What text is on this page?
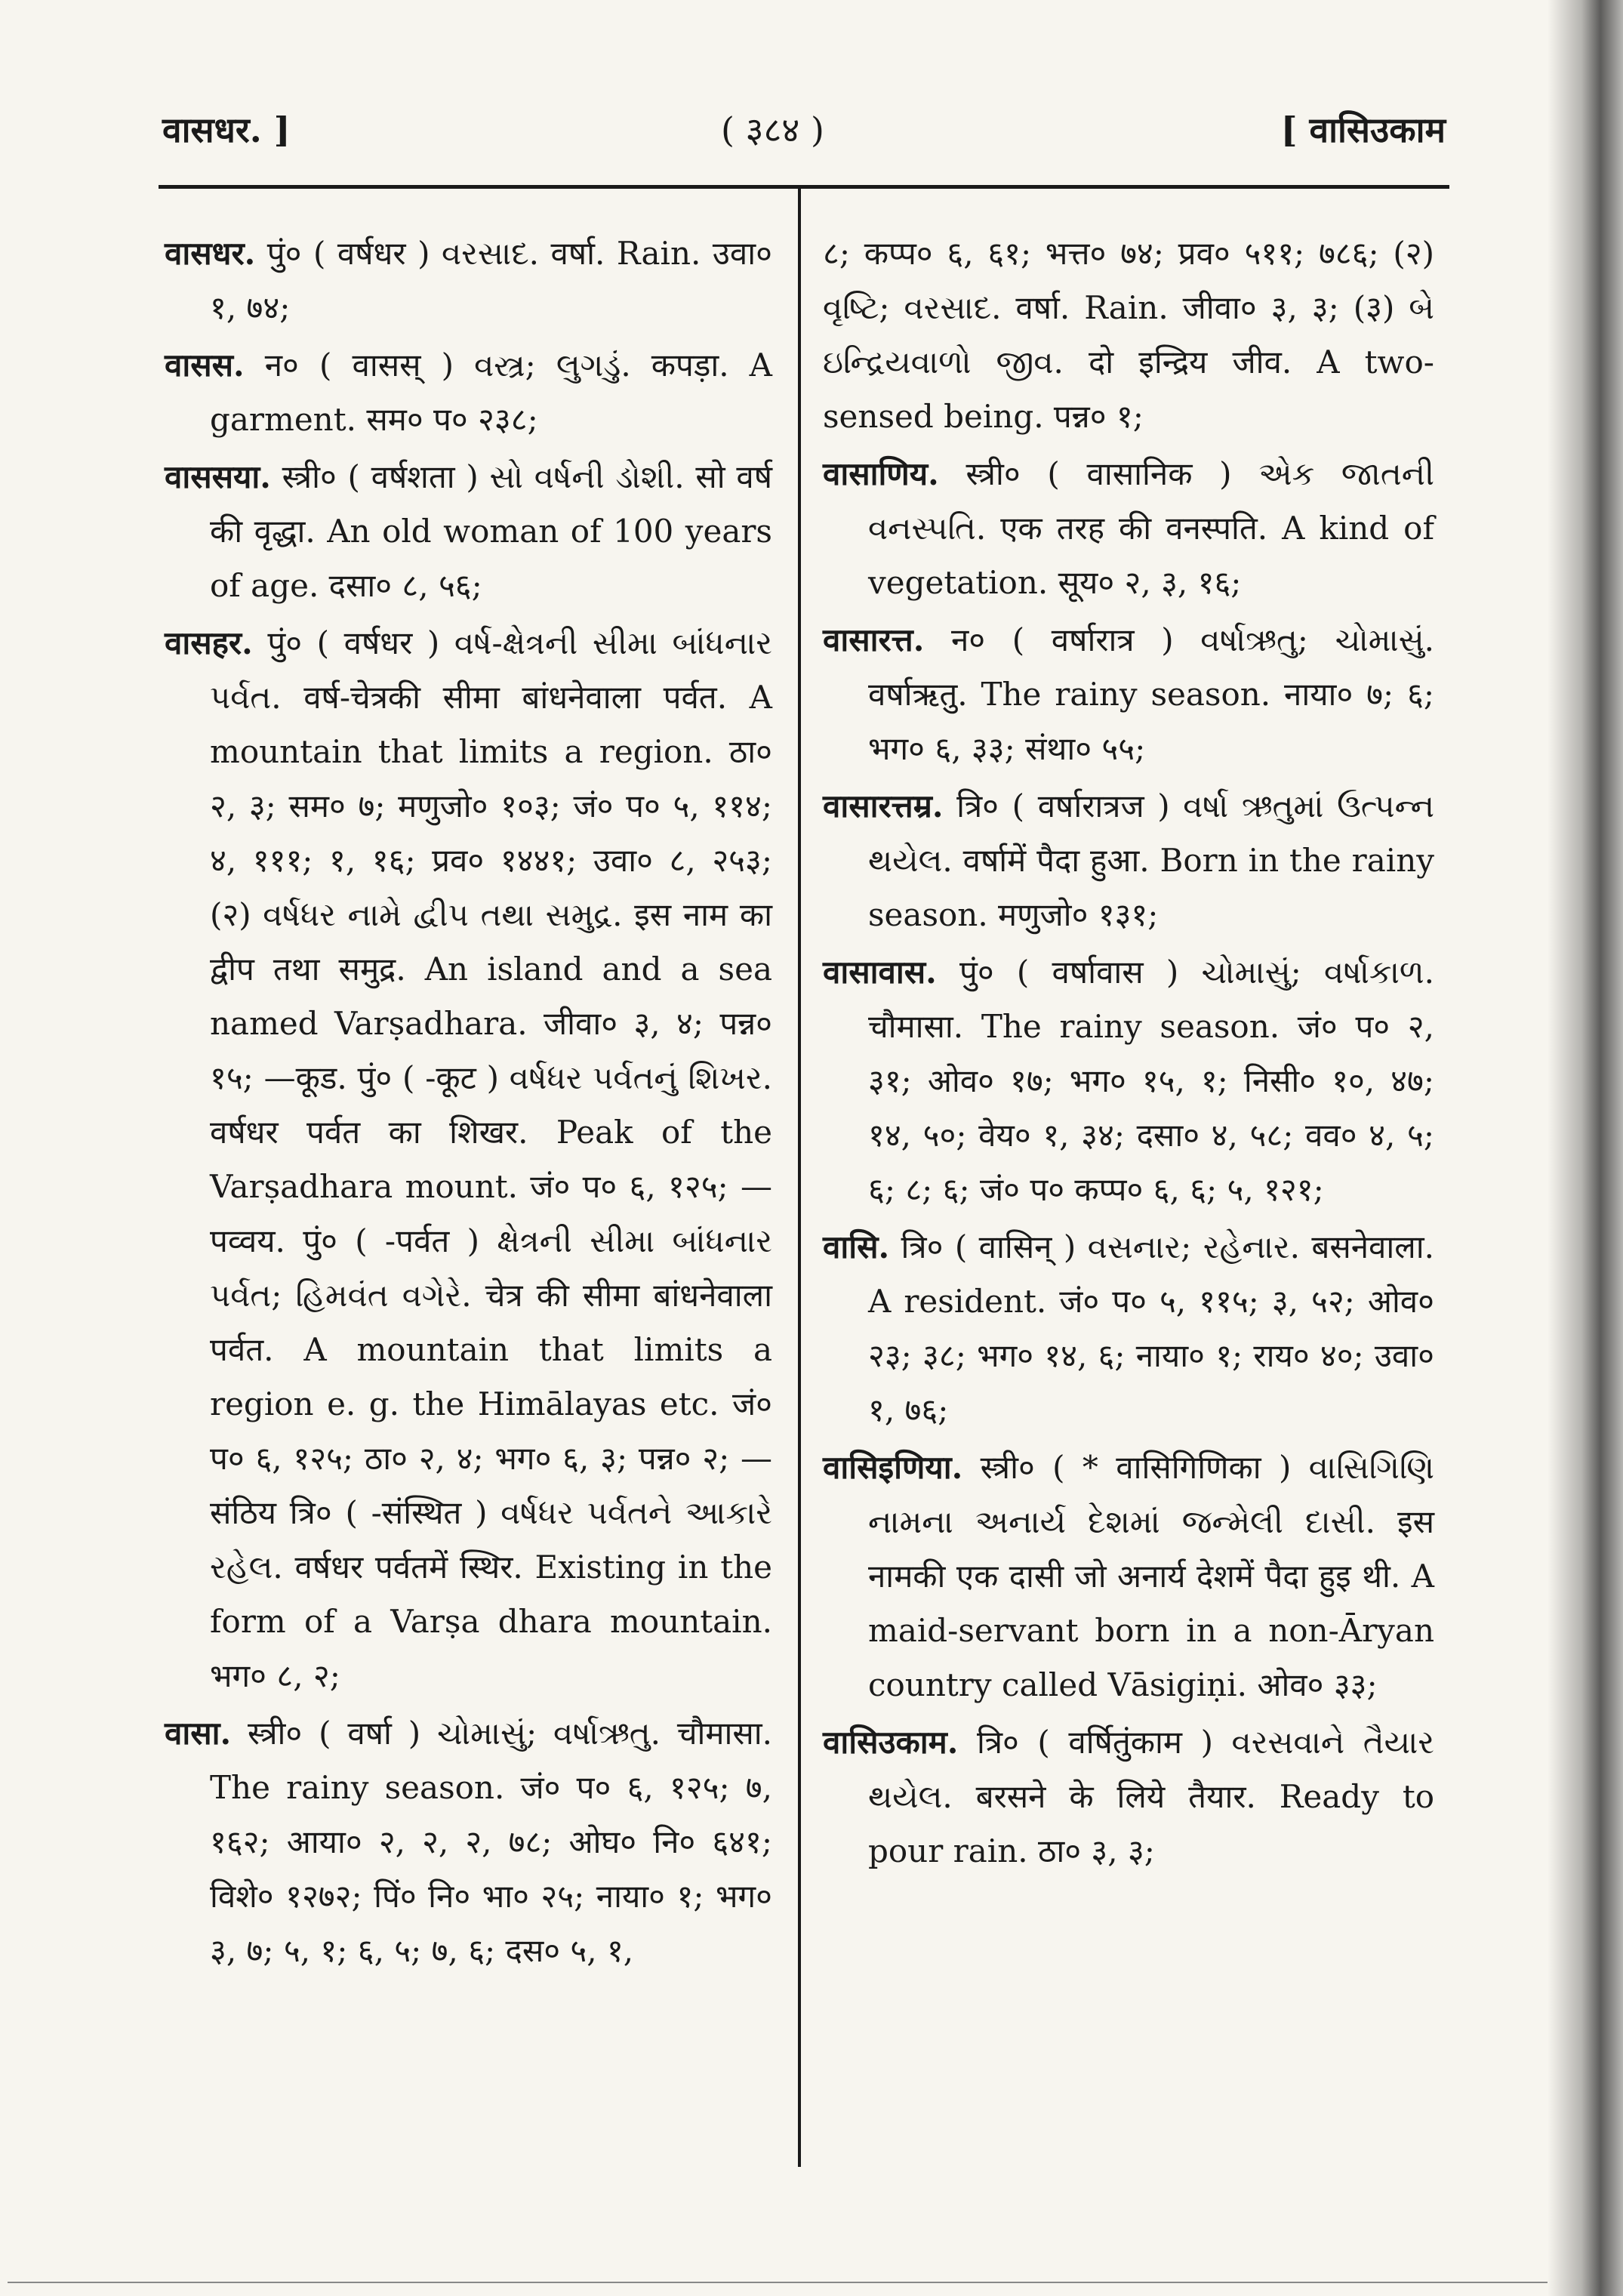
वासधर. ]	( ३८४ )	[ वासिउकाम

वासधर. पुं० ( वर्षधर ) વરસાદ. वर्षा. Rain. उवा० १, ७४;

वासस. न० ( वासस् ) વસ્ત્ર; લુગડું. कपड़ा. A garment. सम० प० २३८;

वाससया. स्त्री० ( वर्षशता ) સો વર્ષની ડોશી. सो वर्ष की वृद्धा. An old woman of 100 years of age. दसा० ८, ५६;

वासहर. पुं० ( वर्षधर ) વર્ષ-ક્ષેત્રની સીમા બાંધનાર પર્વત. वर्ष-चेत्रकी सीमा बांधनेवाला पर्वत. A mountain that limits a region. ठा० २, ३; सम० ७; मणुजो० १०३; जं० प० ५, ११४; ४, १११; १, १६; प्रव० १४४१; उवा० ८, २५३; (२) વર્ષધર નામે દ્વીપ તથા સમુદ્ર. इस नाम का द्वीप तथा समुद्र. An island and a sea named Varṣadhara. जीवा० ३, ४; पन्न० १५; —कूड. पुं० ( -कूट ) વર્ષધર પર્વતનું શિખર. वर्षधर पर्वत का शिखर. Peak of the Varṣadhara mount. जं० प० ६, १२५; —पव्वय. पुं० ( -पर्वत ) ક્ષેત્રની સીમા બાંધનાર પર્વત; હિમવંત વગેરે. चेत्र की सीमा बांधनेवाला पर्वत. A mountain that limits a region e. g. the Himālayas etc. जं० प० ६, १२५; ठा० २, ४; भग० ६, ३; पन्न० २; —संठिय त्रि० ( -संस्थित ) વર્ષધર પર્વતને આકારે રહેલ. वर्षधर पर्वतमें स्थिर. Existing in the form of a Varṣa dhara mountain. भग० ८, २;

वासा. स्त्री० ( वर्षा ) ચોમાસું; વર્ષાઋતુ. चौमासा. The rainy season. जं० प० ६, १२५; ७, १६२; आया० २, २, २, ७८; ओघ० नि० ६४१; विशे० १२७२; पिं० नि० भा० २५; नाया० १; भग० ३, ७; ५, १; ६, ५; ७, ६; दस० ५, १,

८; कप्प० ६, ६१; भत्त० ७४; प्रव० ५११; ७८६; (२) વૃષ્ટિ; વરસાદ. वर्षा. Rain. जीवा० ३, ३; (३) બે ઇન્દ્રિયવાળો જીવ. दो इन्द्रिय जीव. A two-sensed being. पन्न० १;

वासाणिय. स्त्री० ( वासानिक ) એક જાતની વનસ્પતિ. एक तरह की वनस्पति. A kind of vegetation. सूय० २, ३, १६;

वासारत्त. न० ( वर्षारात्र ) વર્ષાઋતુ; ચોમાસું. वर्षाऋतु. The rainy season. नाया० ७; ६; भग० ६, ३३; संथा० ५५;

वासारत्तम्र. त्रि० ( वर्षारात्रज ) વર્ષા ઋતુમાં ઉત્પન્ન થયેલ. वर्षामें पैदा हुआ. Born in the rainy season. मणुजो० १३१;

वासावास. पुं० ( वर्षावास ) ચોમાસું; વર્ષાકાળ. चौमासा. The rainy season. जं० प० २, ३१; ओव० १७; भग० १५, १; निसी० १०, ४७; १४, ५०; वेय० १, ३४; दसा० ४, ५८; वव० ४, ५; ६; ८; ६; जं० प० कप्प० ६, ६; ५, १२१;

वासि. त्रि० ( वासिन् ) વસનાર; રહેનાર. बसनेवाला. A resident. जं० प० ५, ११५; ३, ५२; ओव० २३; ३८; भग० १४, ६; नाया० १; राय० ४०; उवा० १, ७६;

वासिइणिया. स्त्री० ( * वासिगिणिका ) વાસિગિણિ નામના અનાર્ય દેશમાં જન્મેલી દાસી. इस नामकी एक दासी जो अनार्य देशमें पैदा हुइ थी. A maid-servant born in a non-Āryan country called Vāsigiṇi. ओव० ३३;

वासिउकाम. त्रि० ( वर्षितुंकाम ) વરસવાને તૈયાર થયેલ. बरसने के लिये तैयार. Ready to pour rain. ठा० ३, ३;
